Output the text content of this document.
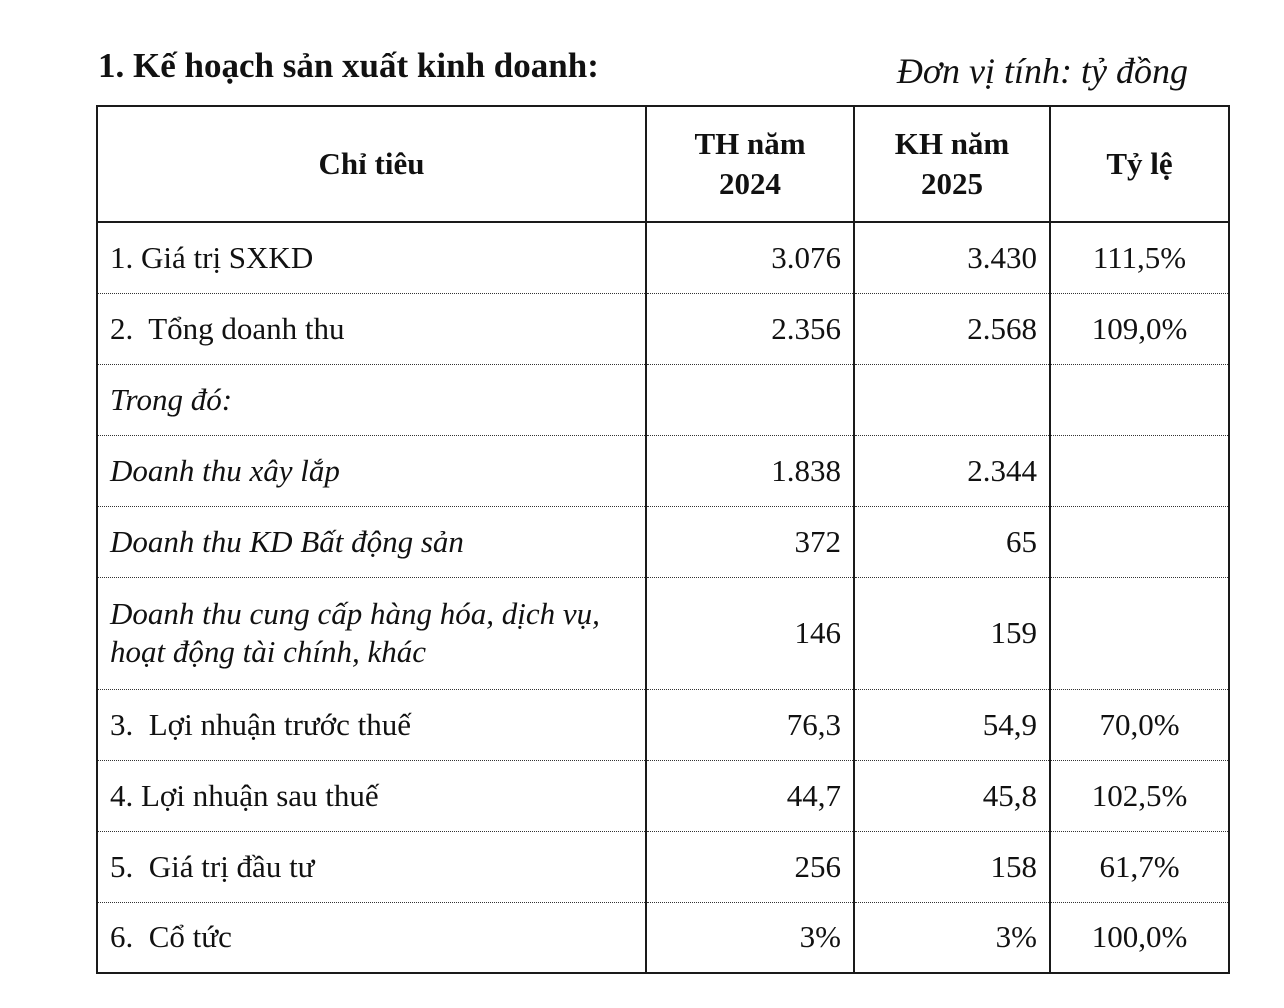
1. Kế hoạch sản xuất kinh doanh:	Đơn vị tính: tỷ đồng
Chỉ tiêu	TH năm 2024	KH năm 2025	Tỷ lệ
1. Giá trị SXKD	3.076	3.430	111,5%
2.  Tổng doanh thu	2.356	2.568	109,0%
Trong đó:			
Doanh thu xây lắp	1.838	2.344	
Doanh thu KD Bất động sản	372	65	
Doanh thu cung cấp hàng hóa, dịch vụ, hoạt động tài chính, khác	146	159	
3.  Lợi nhuận trước thuế	76,3	54,9	70,0%
4. Lợi nhuận sau thuế	44,7	45,8	102,5%
5.  Giá trị đầu tư	256	158	61,7%
6.  Cổ tức	3%	3%	100,0%
